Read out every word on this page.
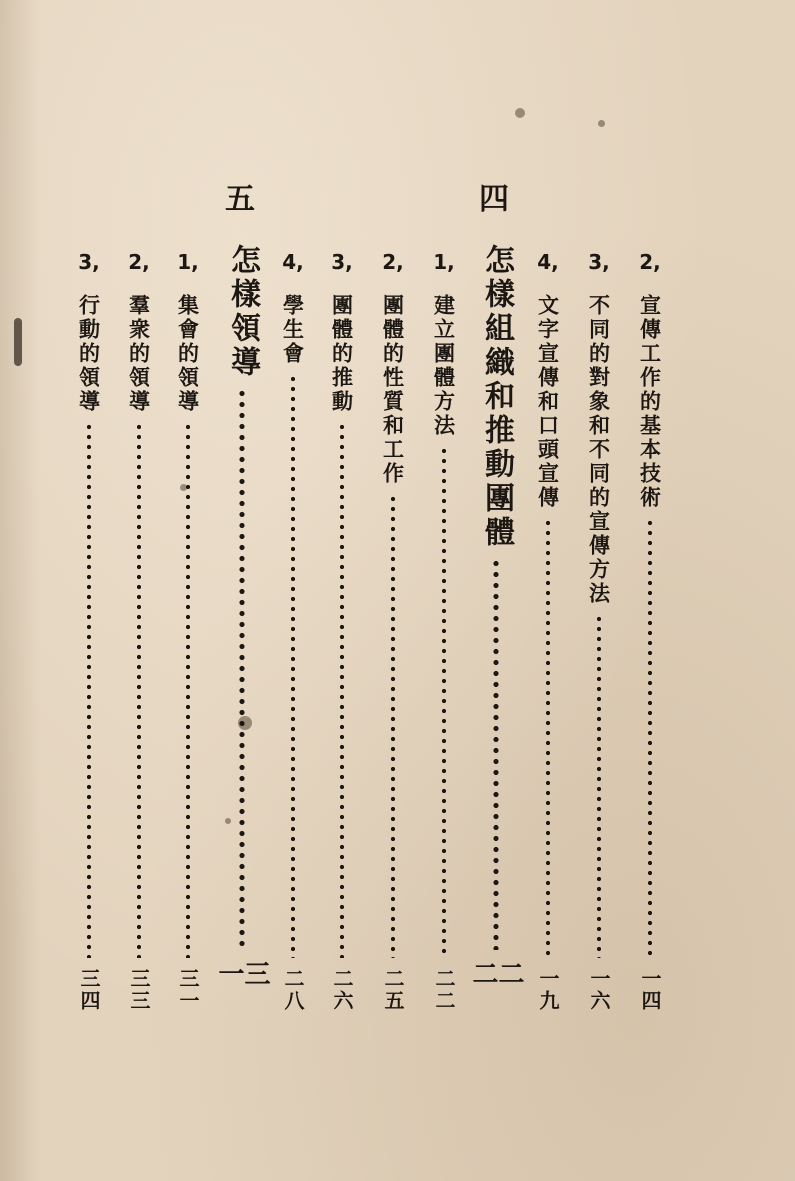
四
五
2,
宣傳工作的基本技術
一四
3,
不同的對象和不同的宣傳方法
一六
4,
文字宣傳和口頭宣傳
一九
怎樣組織和推動團體
二二
1,
建立團體方法
二二
2,
團體的性質和工作
二五
3,
團體的推動
二六
4,
學生會
二八
怎樣領導
三一
1,
集會的領導
三一
2,
羣衆的領導
三三
3,
行動的領導
三四
